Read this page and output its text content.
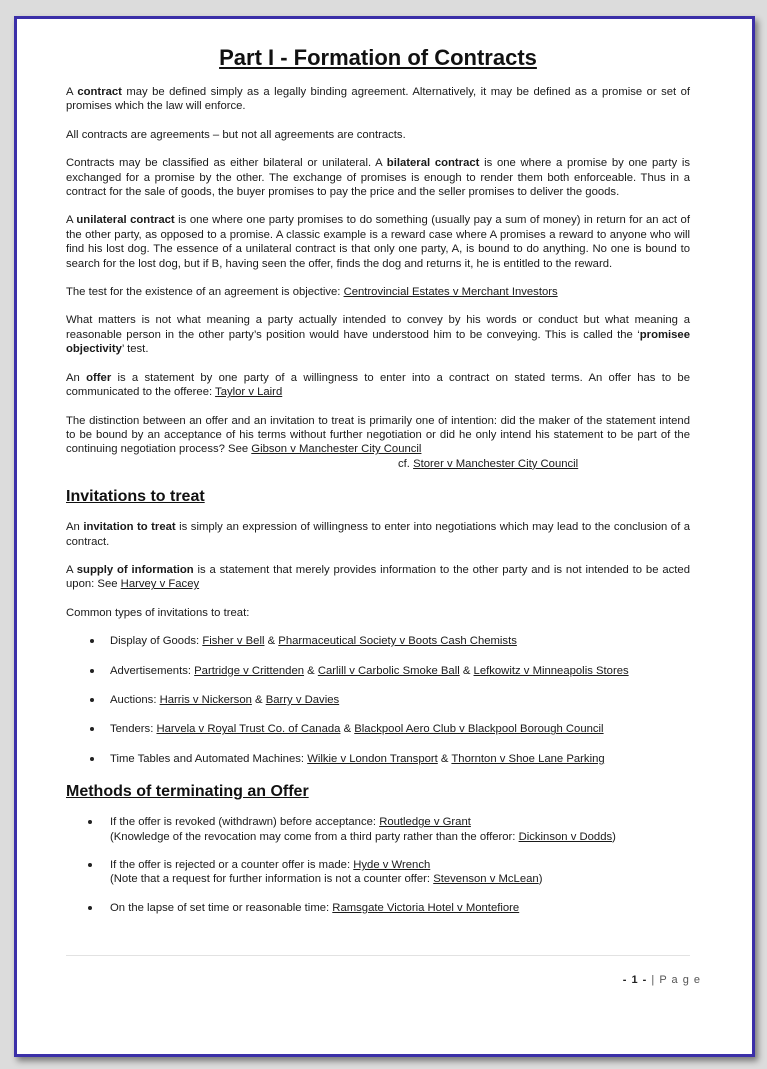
Part I - Formation of Contracts

A contract may be defined simply as a legally binding agreement. Alternatively, it may be defined as a promise or set of promises which the law will enforce.

All contracts are agreements – but not all agreements are contracts.

Contracts may be classified as either bilateral or unilateral. A bilateral contract is one where a promise by one party is exchanged for a promise by the other. The exchange of promises is enough to render them both enforceable. Thus in a contract for the sale of goods, the buyer promises to pay the price and the seller promises to deliver the goods.

A unilateral contract is one where one party promises to do something (usually pay a sum of money) in return for an act of the other party, as opposed to a promise. A classic example is a reward case where A promises a reward to anyone who will find his lost dog. The essence of a unilateral contract is that only one party, A, is bound to do anything. No one is bound to search for the lost dog, but if B, having seen the offer, finds the dog and returns it, he is entitled to the reward.

The test for the existence of an agreement is objective: Centrovincial Estates v Merchant Investors

What matters is not what meaning a party actually intended to convey by his words or conduct but what meaning a reasonable person in the other party’s position would have understood him to be conveying. This is called the ‘promisee objectivity’ test.

An offer is a statement by one party of a willingness to enter into a contract on stated terms. An offer has to be communicated to the offeree: Taylor v Laird

The distinction between an offer and an invitation to treat is primarily one of intention: did the maker of the statement intend to be bound by an acceptance of his terms without further negotiation or did he only intend his statement to be part of the continuing negotiation process? See Gibson v Manchester City Council
cf. Storer v Manchester City Council

Invitations to treat

An invitation to treat is simply an expression of willingness to enter into negotiations which may lead to the conclusion of a contract.

A supply of information is a statement that merely provides information to the other party and is not intended to be acted upon: See Harvey v Facey

Common types of invitations to treat:

Display of Goods: Fisher v Bell & Pharmaceutical Society v Boots Cash Chemists
Advertisements: Partridge v Crittenden & Carlill v Carbolic Smoke Ball & Lefkowitz v Minneapolis Stores
Auctions: Harris v Nickerson & Barry v Davies
Tenders: Harvela v Royal Trust Co. of Canada & Blackpool Aero Club v Blackpool Borough Council
Time Tables and Automated Machines: Wilkie v London Transport & Thornton v Shoe Lane Parking
Methods of terminating an Offer
If the offer is revoked (withdrawn) before acceptance: Routledge v Grant
(Knowledge of the revocation may come from a third party rather than the offeror: Dickinson v Dodds)
If the offer is rejected or a counter offer is made: Hyde v Wrench
(Note that a request for further information is not a counter offer: Stevenson v McLean)
On the lapse of set time or reasonable time: Ramsgate Victoria Hotel v Montefiore
- 1 - | P a g e
